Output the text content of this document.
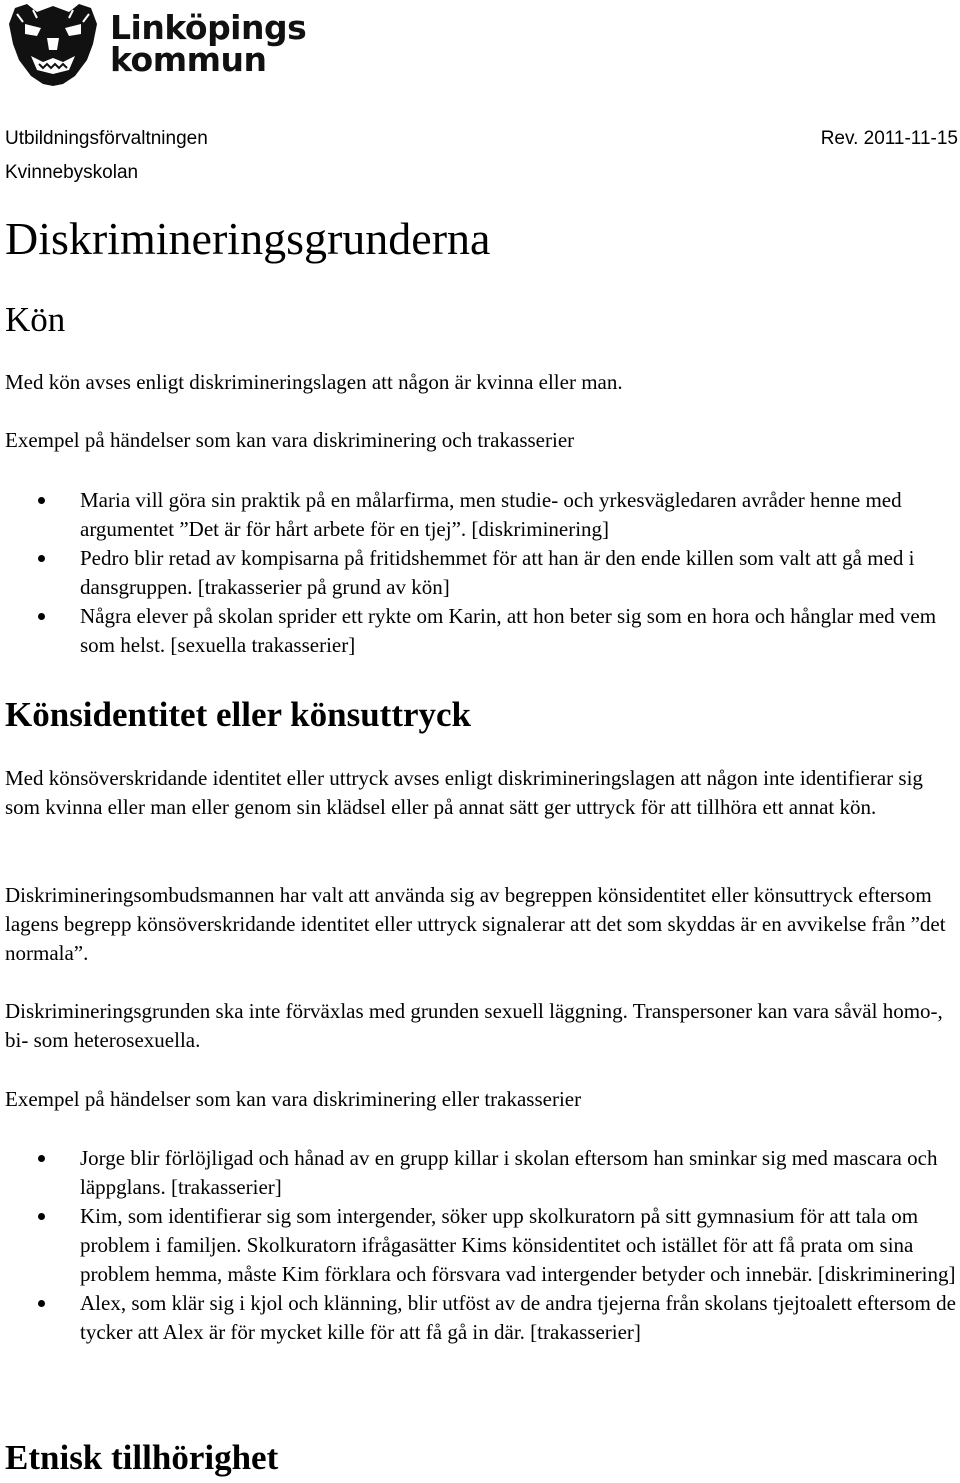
Linköpings
kommun
Utbildningsförvaltningen
Kvinnebyskolan
Rev. 2011-11-15
Diskrimineringsgrunderna
Kön

Med kön avses enligt diskrimineringslagen att någon är kvinna eller man.

Exempel på händelser som kan vara diskriminering och trakasserier

Maria vill göra sin praktik på en målarfirma, men studie- och yrkesvägledaren avråder henne med argumentet ”Det är för hårt arbete för en tjej”. [diskriminering]
Pedro blir retad av kompisarna på fritidshemmet för att han är den ende killen som valt att gå med i dansgruppen. [trakasserier på grund av kön]
Några elever på skolan sprider ett rykte om Karin, att hon beter sig som en hora och hånglar med vem som helst. [sexuella trakasserier]
Könsidentitet eller könsuttryck

Med könsöverskridande identitet eller uttryck avses enligt diskrimineringslagen att någon inte identifierar sig som kvinna eller man eller genom sin klädsel eller på annat sätt ger uttryck för att tillhöra ett annat kön.

Diskrimineringsombudsmannen har valt att använda sig av begreppen könsidentitet eller könsuttryck eftersom lagens begrepp könsöverskridande identitet eller uttryck signalerar att det som skyddas är en avvikelse från ”det normala”.

Diskrimineringsgrunden ska inte förväxlas med grunden sexuell läggning. Transpersoner kan vara såväl homo-, bi- som heterosexuella.

Exempel på händelser som kan vara diskriminering eller trakasserier

Jorge blir förlöjligad och hånad av en grupp killar i skolan eftersom han sminkar sig med mascara och läppglans. [trakasserier]
Kim, som identifierar sig som intergender, söker upp skolkuratorn på sitt gymnasium för att tala om problem i familjen. Skolkuratorn ifrågasätter Kims könsidentitet och istället för att få prata om sina problem hemma, måste Kim förklara och försvara vad intergender betyder och innebär. [diskriminering]
Alex, som klär sig i kjol och klänning, blir utföst av de andra tjejerna från skolans tjejtoalett eftersom de tycker att Alex är för mycket kille för att få gå in där. [trakasserier]
Etnisk tillhörighet
